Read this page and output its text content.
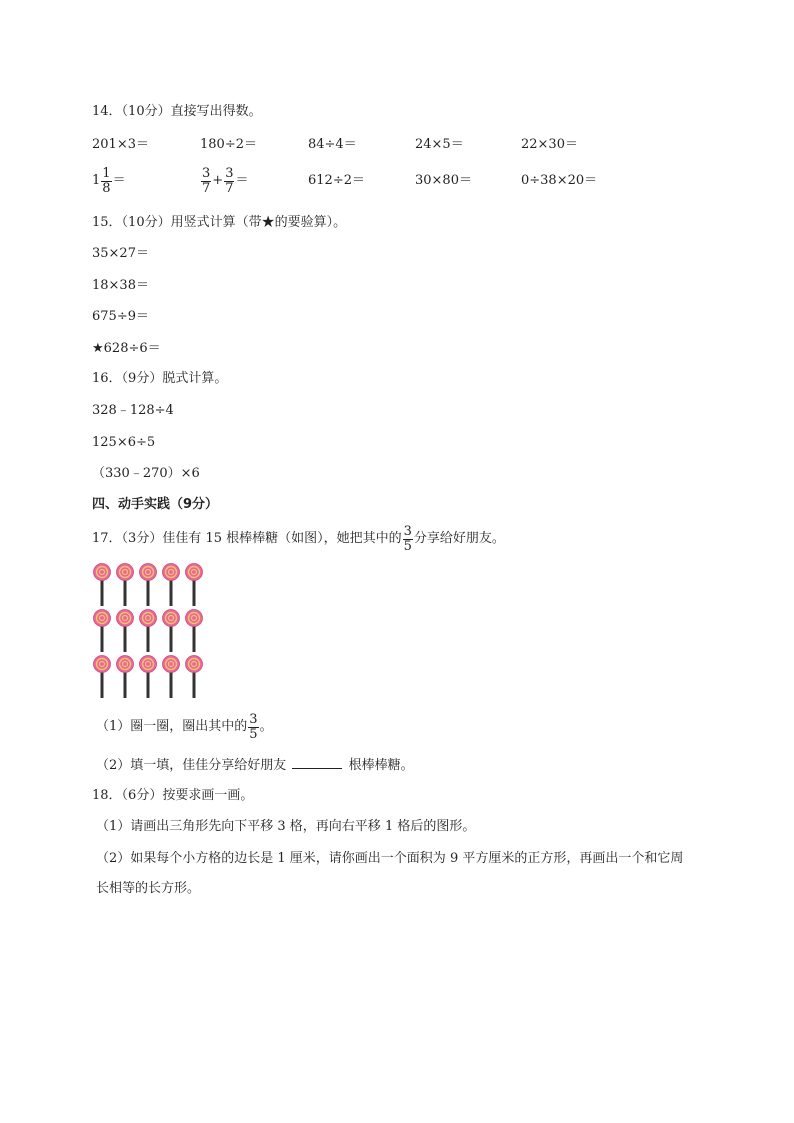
14．（10分）直接写出得数。
201×3＝	180÷2＝	84÷4＝	24×5＝	22×30＝
$1 \frac{1}{8}$ ＝	$\frac{3}{7} + \frac{3}{7}$ ＝	612÷2＝	30×80＝	0÷38×20＝
15．（10分）用竖式计算（带★的要验算）。
35×27＝
18×38＝
675÷9＝
★628÷6＝
16．（9分）脱式计算。
328﹣128÷4
125×6÷5
（330﹣270）×6
四、动手实践（9分）
17．（3分）佳佳有 15 根棒棒糖（如图），她把其中的 $\frac{3}{5}$ 分享给好朋友。
（1）圈一圈，圈出其中的 $\frac{3}{5}$ 。
（2）填一填，佳佳分享给好朋友	根棒棒糖。
18．（6分）按要求画一画。
（1）请画出三角形先向下平移 3 格，再向右平移 1 格后的图形。
（2）如果每个小方格的边长是 1 厘米，请你画出一个面积为 9 平方厘米的正方形，再画出一个和它周
长相等的长方形。
